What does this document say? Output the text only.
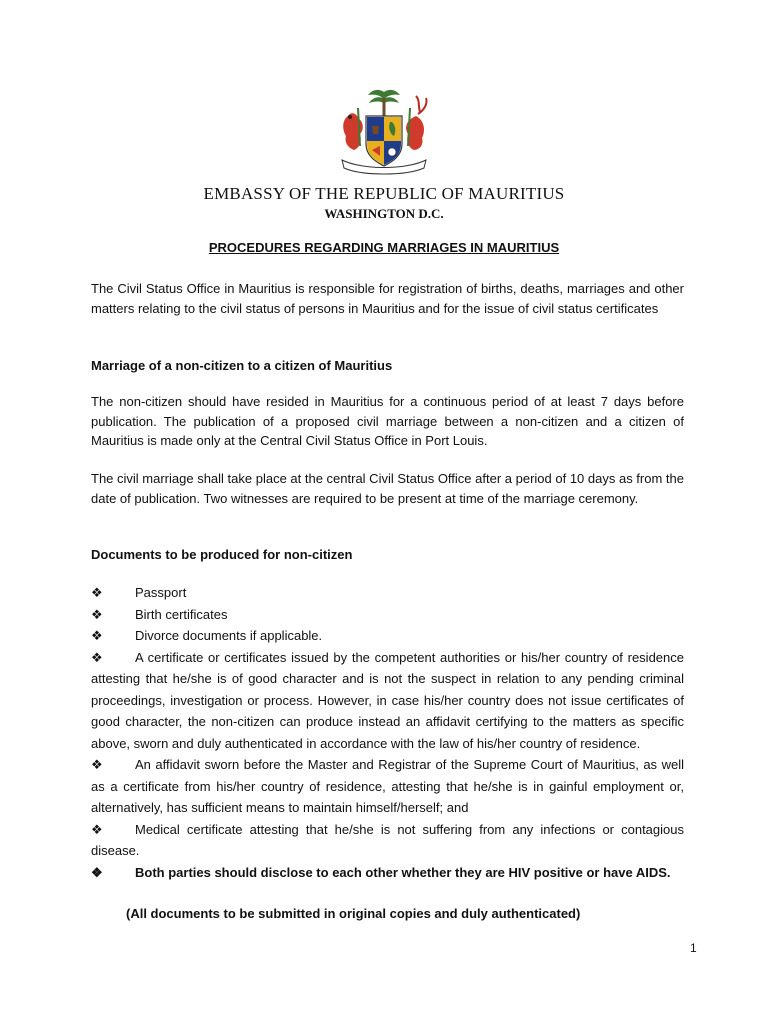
EMBASSY OF THE REPUBLIC OF MAURITIUS
WASHINGTON D.C.
PROCEDURES REGARDING MARRIAGES IN MAURITIUS

The Civil Status Office in Mauritius is responsible for registration of births, deaths, marriages and other matters relating to the civil status of persons in Mauritius and for the issue of civil status certificates

Marriage of a non-citizen to a citizen of Mauritius

The non-citizen should have resided in Mauritius for a continuous period of at least 7 days before publication. The publication of a proposed civil marriage between a non-citizen and a citizen of Mauritius is made only at the Central Civil Status Office in Port Louis.

The civil marriage shall take place at the central Civil Status Office after a period of 10 days as from the date of publication. Two witnesses are required to be present at time of the marriage ceremony.

Documents to be produced for non-citizen

❖ Passport
❖ Birth certificates
❖ Divorce documents if applicable.
❖ A certificate or certificates issued by the competent authorities or his/her country of residence attesting that he/she is of good character and is not the suspect in relation to any pending criminal proceedings, investigation or process. However, in case his/her country does not issue certificates of good character, the non-citizen can produce instead an affidavit certifying to the matters as specific above, sworn and duly authenticated in accordance with the law of his/her country of residence.
❖ An affidavit sworn before the Master and Registrar of the Supreme Court of Mauritius, as well as a certificate from his/her country of residence, attesting that he/she is in gainful employment or, alternatively, has sufficient means to maintain himself/herself; and
❖ Medical certificate attesting that he/she is not suffering from any infections or contagious disease.
❖ Both parties should disclose to each other whether they are HIV positive or have AIDS.
(All documents to be submitted in original copies and duly authenticated)
1
